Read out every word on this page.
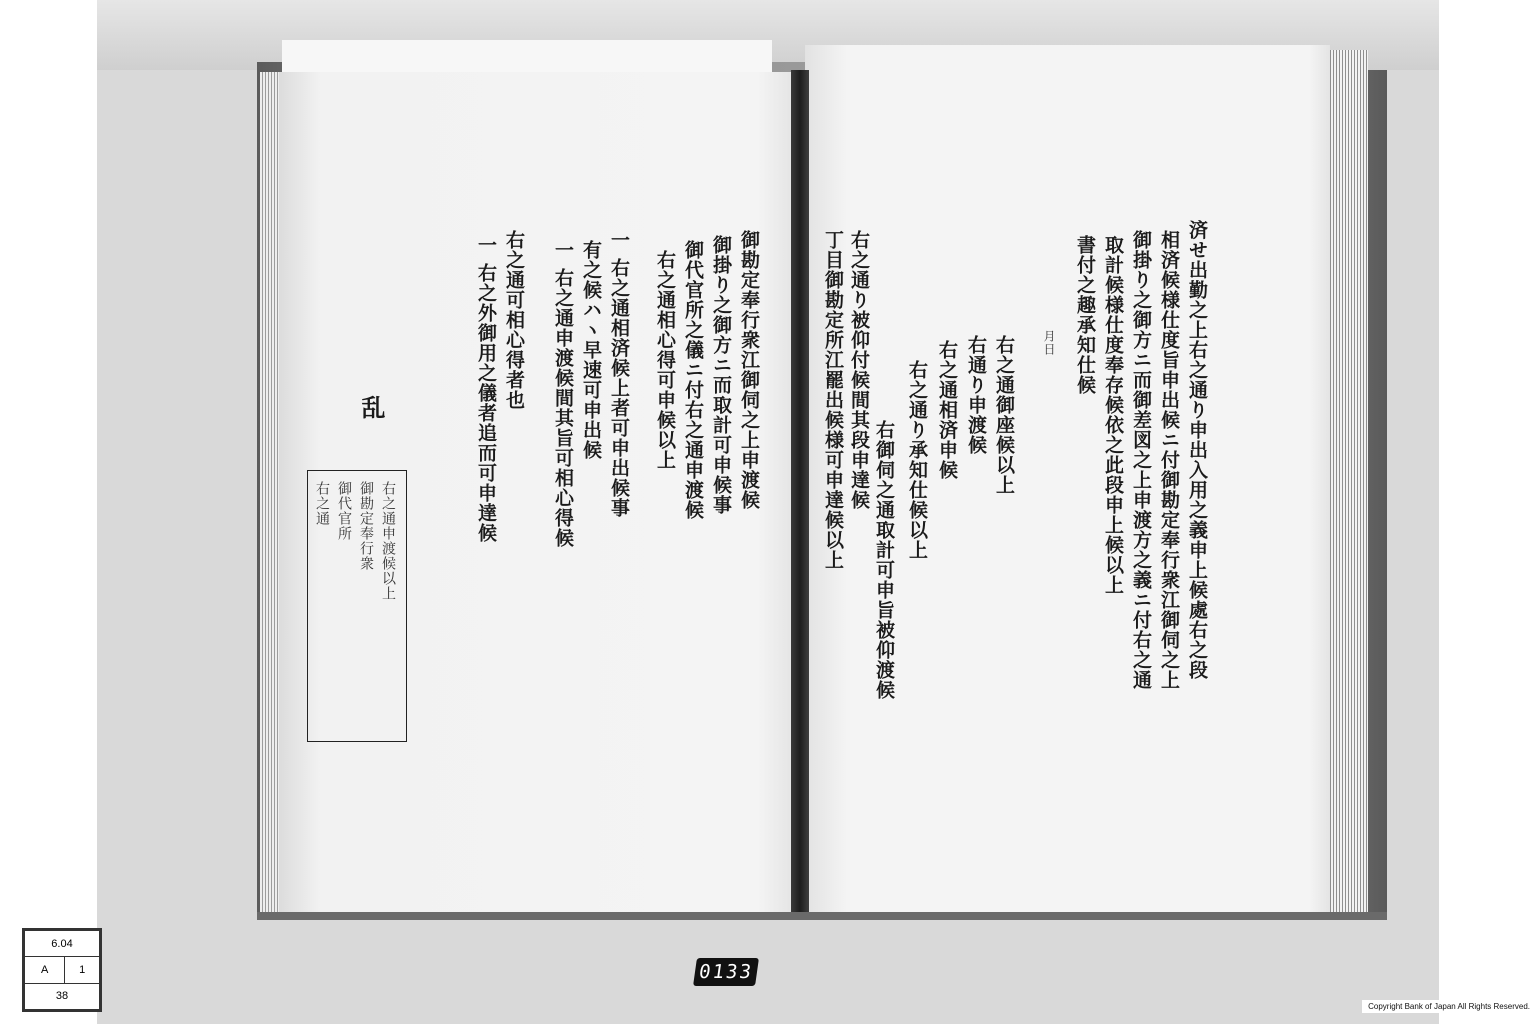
済せ出勤之上右之通り申出入用之義申上候處右之段
相済候様仕度旨申出候ニ付御勘定奉行衆江御伺之上
御掛り之御方ニ而御差図之上申渡方之義ニ付右之通
取計候様仕度奉存候依之此段申上候以上
書付之趣承知仕候
月日
右之通御座候以上
右通り申渡候
右之通相済申候
右之通り承知仕候以上
右御伺之通取計可申旨被仰渡候
右之通り被仰付候間其段申達候
丁目御勘定所江罷出候様可申達候以上
御勘定奉行衆江御伺之上申渡候
御掛り之御方ニ而取計可申候事
御代官所之儀ニ付右之通申渡候
右之通相心得可申候以上
一 右之通相済候上者可申出候事
有之候ハヽ早速可申出候
一 右之通申渡候間其旨可相心得候
右之通可相心得者也
一 右之外御用之儀者追而可申達候
乱
右之通申渡候以上
御勘定奉行衆
御代官所
右之通
6.04
A	1
38
0133
Copyright Bank of Japan All Rights Reserved.
